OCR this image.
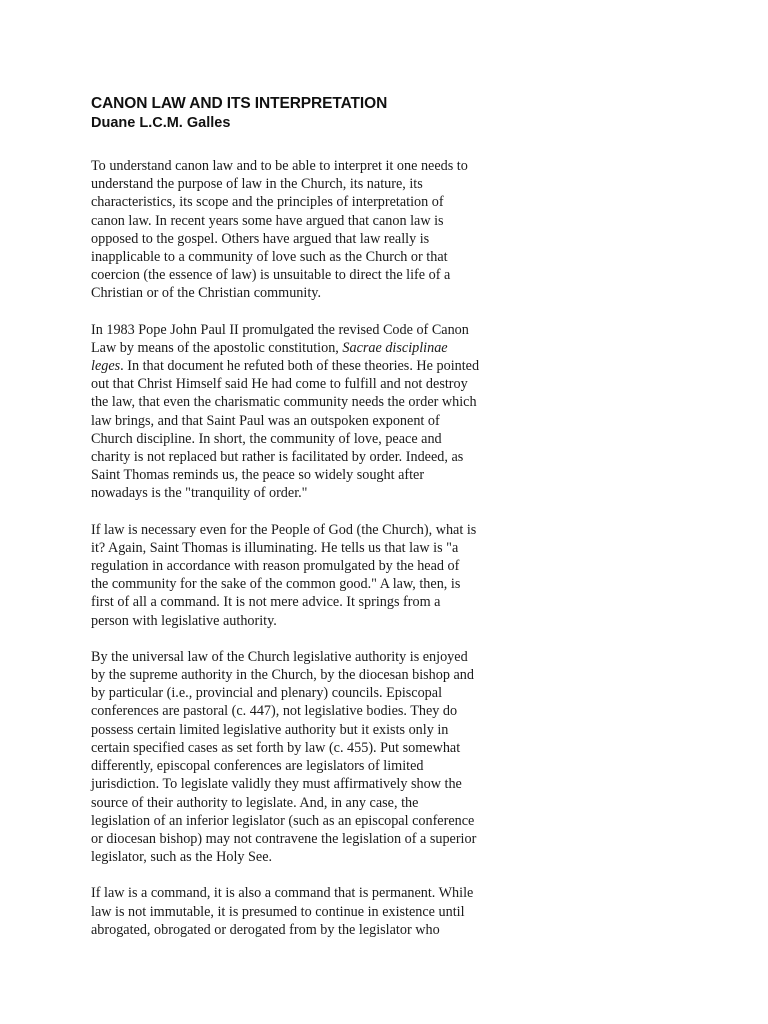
CANON LAW AND ITS INTERPRETATION
Duane L.C.M. Galles
To understand canon law and to be able to interpret it one needs to
understand the purpose of law in the Church, its nature, its
characteristics, its scope and the principles of interpretation of
canon law. In recent years some have argued that canon law is
opposed to the gospel. Others have argued that law really is
inapplicable to a community of love such as the Church or that
coercion (the essence of law) is unsuitable to direct the life of a
Christian or of the Christian community.
In 1983 Pope John Paul II promulgated the revised Code of Canon
Law by means of the apostolic constitution, Sacrae disciplinae
leges. In that document he refuted both of these theories. He pointed
out that Christ Himself said He had come to fulfill and not destroy
the law, that even the charismatic community needs the order which
law brings, and that Saint Paul was an outspoken exponent of
Church discipline. In short, the community of love, peace and
charity is not replaced but rather is facilitated by order. Indeed, as
Saint Thomas reminds us, the peace so widely sought after
nowadays is the "tranquility of order."
If law is necessary even for the People of God (the Church), what is
it? Again, Saint Thomas is illuminating. He tells us that law is "a
regulation in accordance with reason promulgated by the head of
the community for the sake of the common good." A law, then, is
first of all a command. It is not mere advice. It springs from a
person with legislative authority.
By the universal law of the Church legislative authority is enjoyed
by the supreme authority in the Church, by the diocesan bishop and
by particular (i.e., provincial and plenary) councils. Episcopal
conferences are pastoral (c. 447), not legislative bodies. They do
possess certain limited legislative authority but it exists only in
certain specified cases as set forth by law (c. 455). Put somewhat
differently, episcopal conferences are legislators of limited
jurisdiction. To legislate validly they must affirmatively show the
source of their authority to legislate. And, in any case, the
legislation of an inferior legislator (such as an episcopal conference
or diocesan bishop) may not contravene the legislation of a superior
legislator, such as the Holy See.
If law is a command, it is also a command that is permanent. While
law is not immutable, it is presumed to continue in existence until
abrogated, obrogated or derogated from by the legislator who
